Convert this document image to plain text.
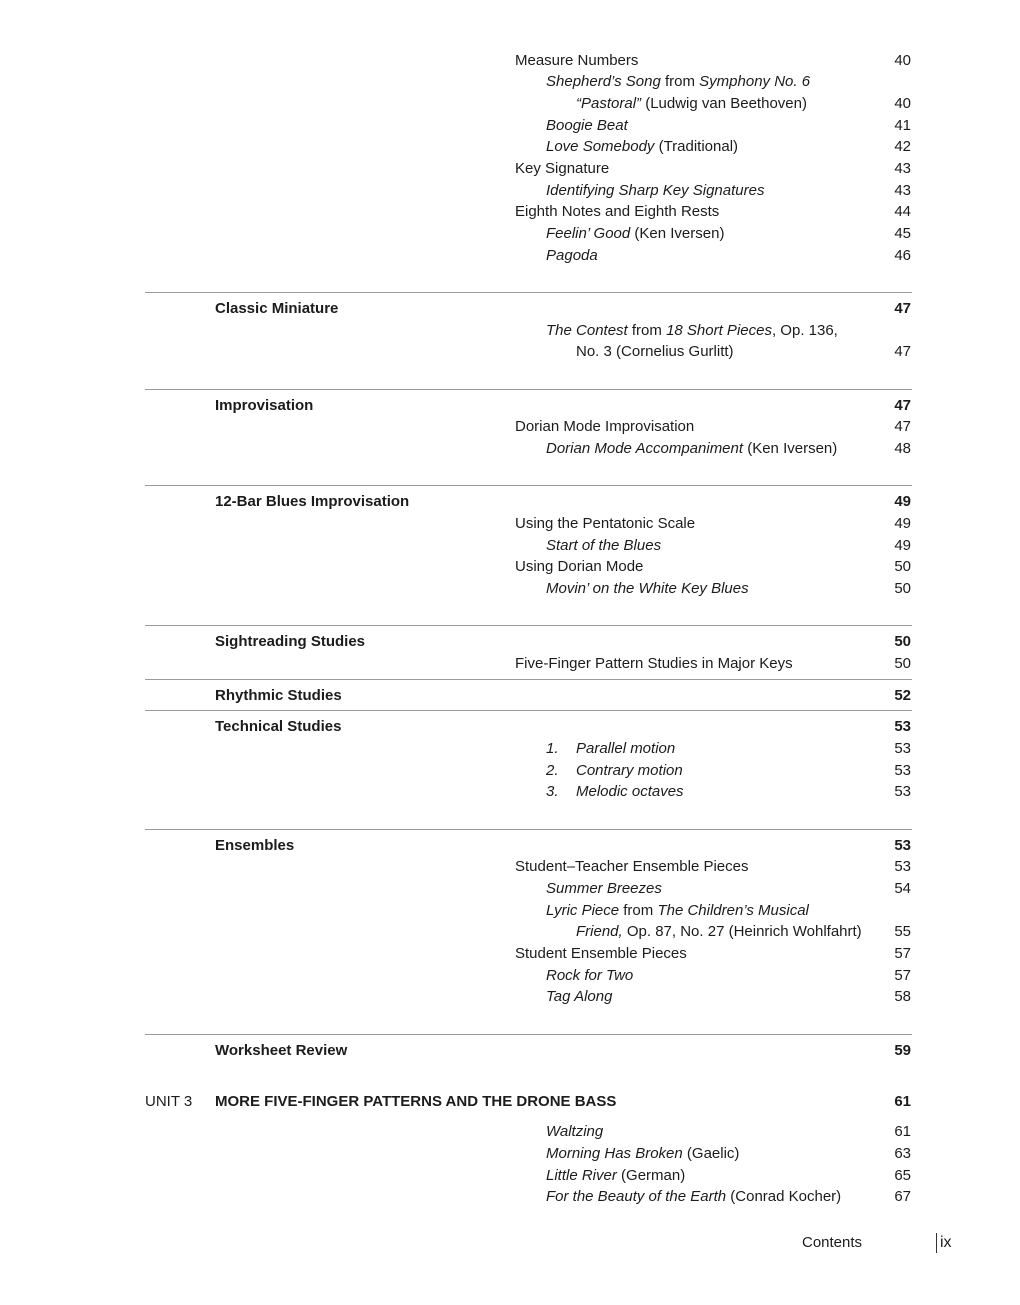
Measure Numbers	40
Shepherd’s Song from Symphony No. 6
“Pastoral” (Ludwig van Beethoven)	40
Boogie Beat	41
Love Somebody (Traditional)	42
Key Signature	43
Identifying Sharp Key Signatures	43
Eighth Notes and Eighth Rests	44
Feelin’ Good (Ken Iversen)	45
Pagoda	46
Classic Miniature	47
The Contest from 18 Short Pieces, Op. 136,
No. 3 (Cornelius Gurlitt)	47
Improvisation	47
Dorian Mode Improvisation	47
Dorian Mode Accompaniment (Ken Iversen)	48
12-Bar Blues Improvisation	49
Using the Pentatonic Scale	49
Start of the Blues	49
Using Dorian Mode	50
Movin’ on the White Key Blues	50
Sightreading Studies	50
Five-Finger Pattern Studies in Major Keys	50
Rhythmic Studies	52
Technical Studies	53
1. Parallel motion	53
2. Contrary motion	53
3. Melodic octaves	53
Ensembles	53
Student–Teacher Ensemble Pieces	53
Summer Breezes	54
Lyric Piece from The Children’s Musical
Friend, Op. 87, No. 27 (Heinrich Wohlfahrt)	55
Student Ensemble Pieces	57
Rock for Two	57
Tag Along	58
Worksheet Review	59
UNIT 3 MORE FIVE-FINGER PATTERNS AND THE DRONE BASS	61
Waltzing	61
Morning Has Broken (Gaelic)	63
Little River (German)	65
For the Beauty of the Earth (Conrad Kocher)	67
Contents	ix
